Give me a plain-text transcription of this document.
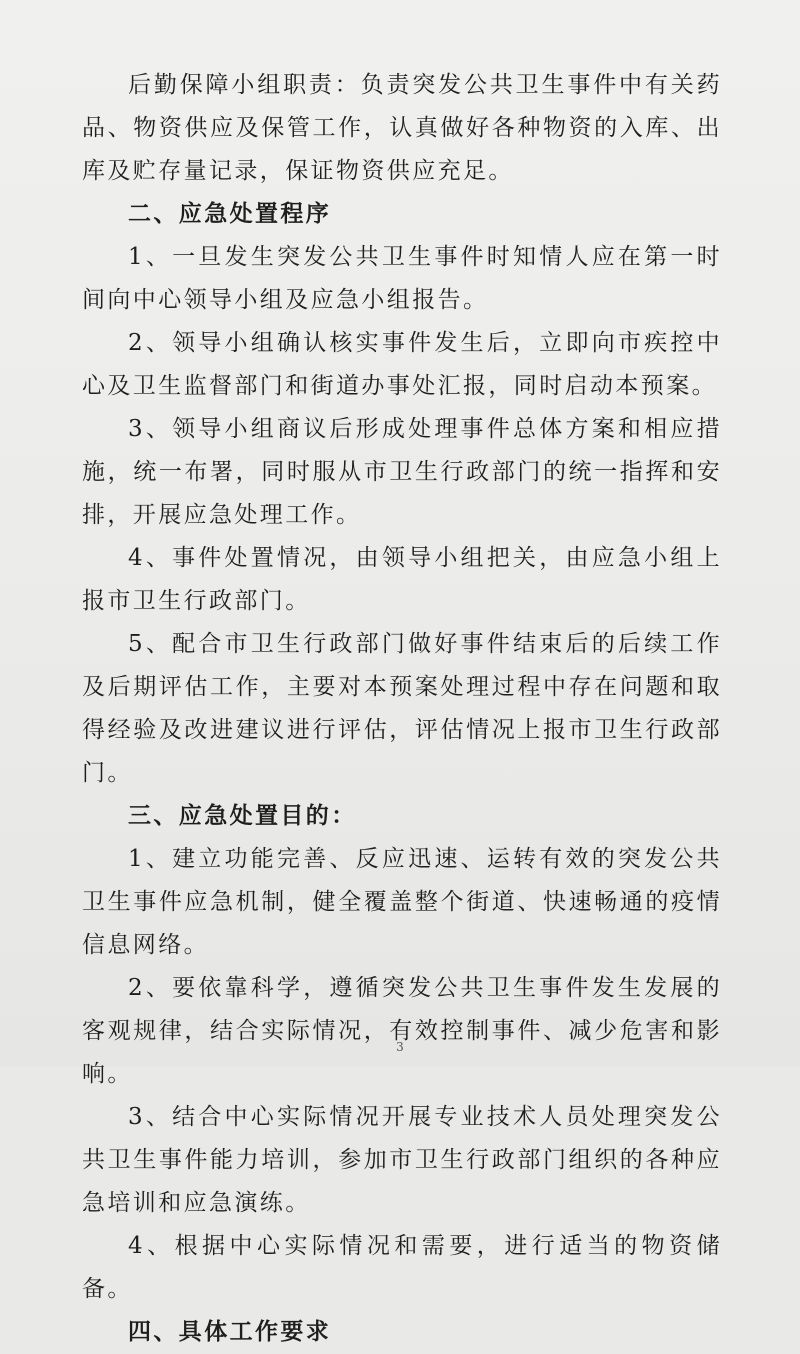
后勤保障小组职责：负责突发公共卫生事件中有关药品、物资供应及保管工作，认真做好各种物资的入库、出库及贮存量记录，保证物资供应充足。

二、应急处置程序

1、一旦发生突发公共卫生事件时知情人应在第一时间向中心领导小组及应急小组报告。

2、领导小组确认核实事件发生后，立即向市疾控中心及卫生监督部门和街道办事处汇报，同时启动本预案。

3、领导小组商议后形成处理事件总体方案和相应措施，统一布署，同时服从市卫生行政部门的统一指挥和安排，开展应急处理工作。

4、事件处置情况，由领导小组把关，由应急小组上报市卫生行政部门。

5、配合市卫生行政部门做好事件结束后的后续工作及后期评估工作，主要对本预案处理过程中存在问题和取得经验及改进建议进行评估，评估情况上报市卫生行政部门。

三、应急处置目的：

1、建立功能完善、反应迅速、运转有效的突发公共卫生事件应急机制，健全覆盖整个街道、快速畅通的疫情信息网络。

2、要依靠科学，遵循突发公共卫生事件发生发展的客观规律，结合实际情况，有效控制事件、减少危害和影响。

3、结合中心实际情况开展专业技术人员处理突发公共卫生事件能力培训，参加市卫生行政部门组织的各种应急培训和应急演练。

4、根据中心实际情况和需要，进行适当的物资储备。

四、具体工作要求

3
